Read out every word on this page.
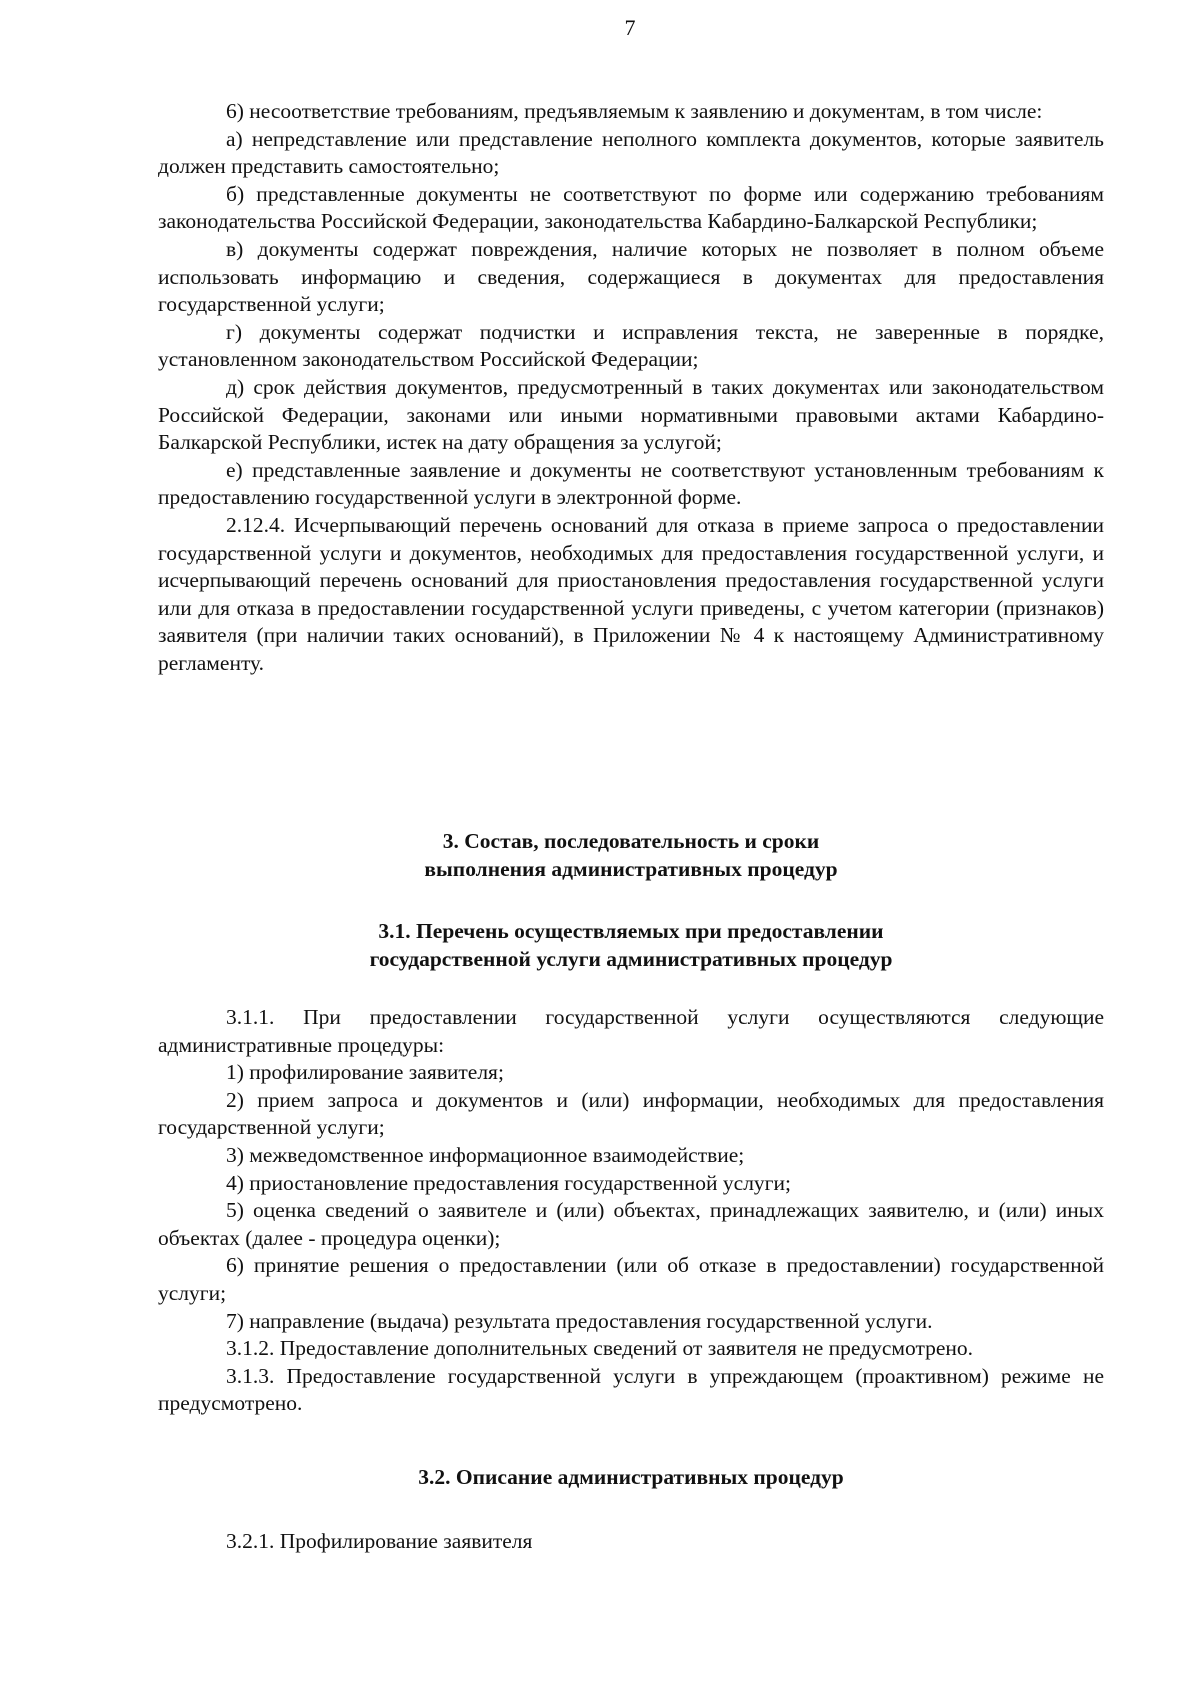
7

6) несоответствие требованиям, предъявляемым к заявлению и документам, в том числе:

а) непредставление или представление неполного комплекта документов, которые заявитель должен представить самостоятельно;

б) представленные документы не соответствуют по форме или содержанию требованиям законодательства Российской Федерации, законодательства Кабардино-Балкарской Республики;

в) документы содержат повреждения, наличие которых не позволяет в полном объеме использовать информацию и сведения, содержащиеся в документах для предоставления государственной услуги;

г) документы содержат подчистки и исправления текста, не заверенные в порядке, установленном законодательством Российской Федерации;

д) срок действия документов, предусмотренный в таких документах или законодательством Российской Федерации, законами или иными нормативными правовыми актами Кабардино-Балкарской Республики, истек на дату обращения за услугой;

е) представленные заявление и документы не соответствуют установленным требованиям к предоставлению государственной услуги в электронной форме.

2.12.4. Исчерпывающий перечень оснований для отказа в приеме запроса о предоставлении государственной услуги и документов, необходимых для предоставления государственной услуги, и исчерпывающий перечень оснований для приостановления предоставления государственной услуги или для отказа в предоставлении государственной услуги приведены, с учетом категории (признаков) заявителя (при наличии таких оснований), в Приложении № 4 к настоящему Административному регламенту.

3. Состав, последовательность и сроки
выполнения административных процедур
3.1. Перечень осуществляемых при предоставлении
государственной услуги административных процедур

3.1.1. При предоставлении государственной услуги осуществляются следующие административные процедуры:

1) профилирование заявителя;

2) прием запроса и документов и (или) информации, необходимых для предоставления государственной услуги;

3) межведомственное информационное взаимодействие;

4) приостановление предоставления государственной услуги;

5) оценка сведений о заявителе и (или) объектах, принадлежащих заявителю, и (или) иных объектах (далее - процедура оценки);

6) принятие решения о предоставлении (или об отказе в предоставлении) государственной услуги;

7) направление (выдача) результата предоставления государственной услуги.

3.1.2. Предоставление дополнительных сведений от заявителя не предусмотрено.

3.1.3. Предоставление государственной услуги в упреждающем (проактивном) режиме не предусмотрено.

3.2. Описание административных процедур

3.2.1. Профилирование заявителя
